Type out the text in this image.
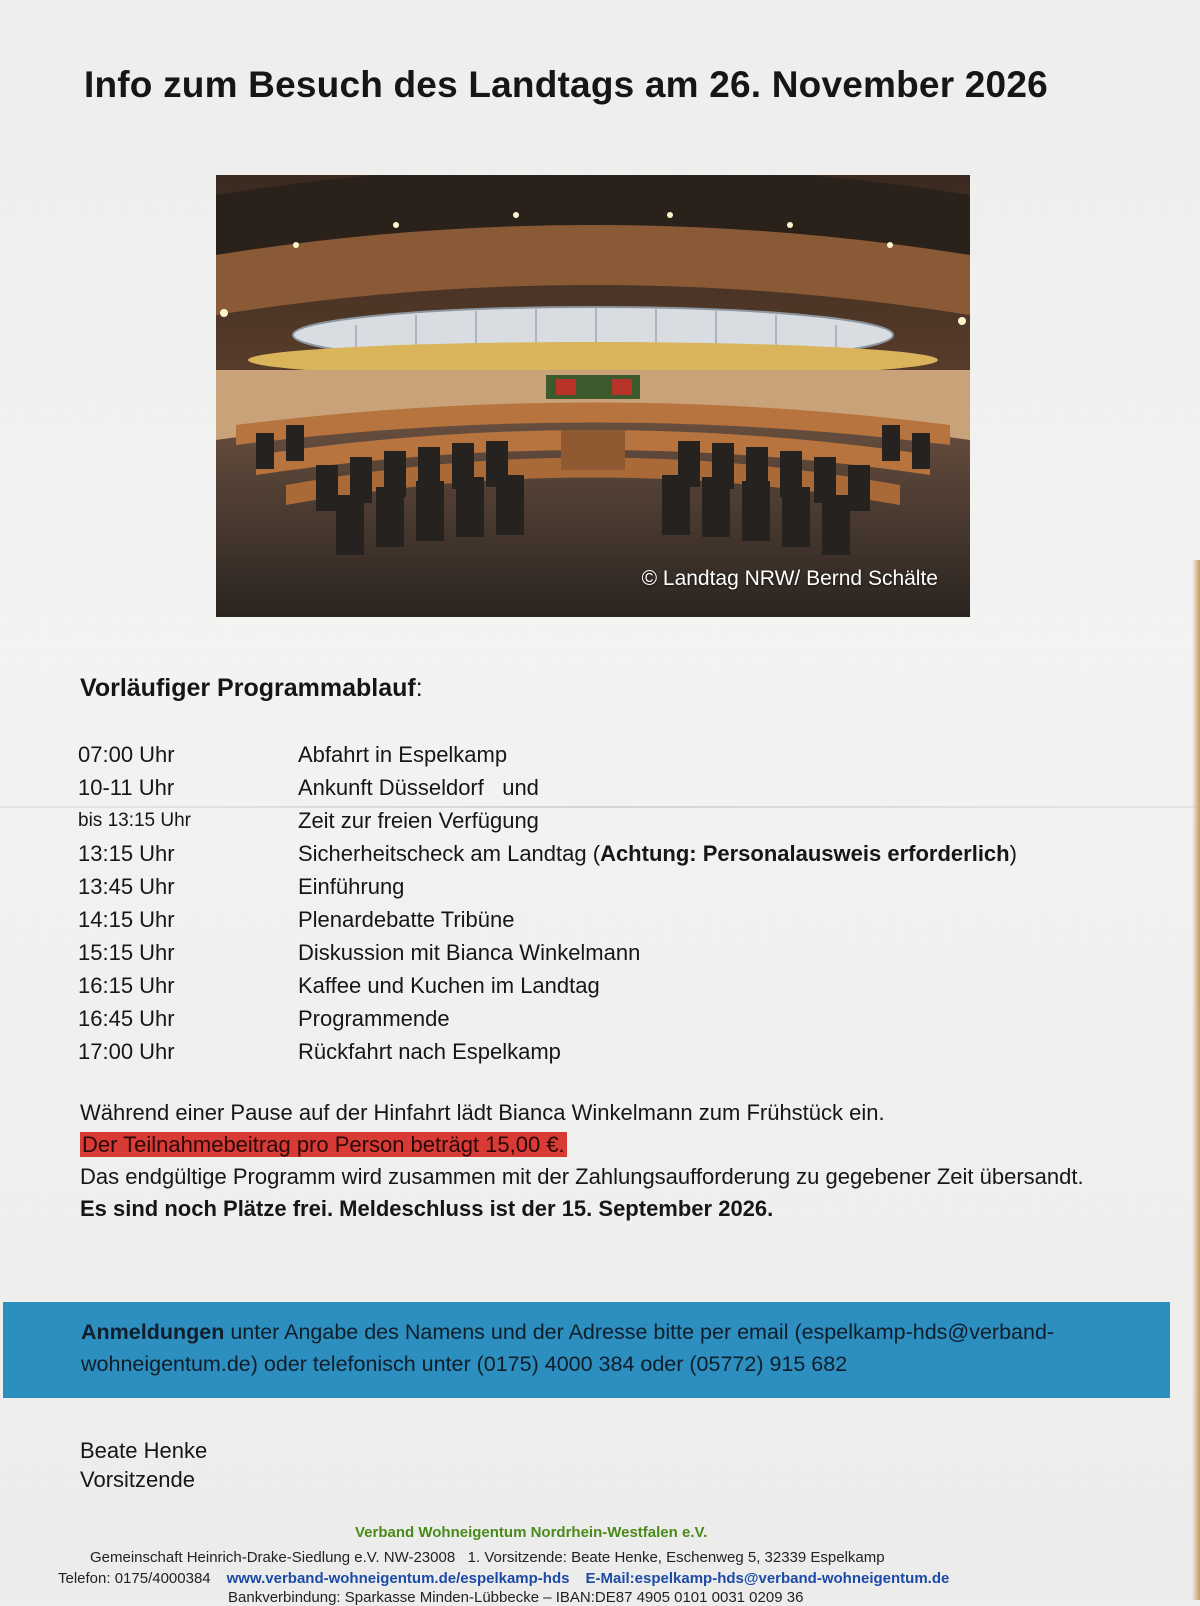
Info zum Besuch des Landtags am 26. November 2026
© Landtag NRW/ Bernd Schälte
Vorläufiger Programmablauf:
07:00 Uhr	Abfahrt in Espelkamp
10-11 Uhr	Ankunft Düsseldorf   und
bis 13:15 Uhr	Zeit zur freien Verfügung
13:15 Uhr	Sicherheitscheck am Landtag (Achtung: Personalausweis erforderlich)
13:45 Uhr	Einführung
14:15 Uhr	Plenardebatte Tribüne
15:15 Uhr	Diskussion mit Bianca Winkelmann
16:15 Uhr	Kaffee und Kuchen im Landtag
16:45 Uhr	Programmende
17:00 Uhr	Rückfahrt nach Espelkamp
Während einer Pause auf der Hinfahrt lädt Bianca Winkelmann zum Frühstück ein.
Der Teilnahmebeitrag pro Person beträgt 15,00 €.
Das endgültige Programm wird zusammen mit der Zahlungsaufforderung zu gegebener Zeit übersandt.
Es sind noch Plätze frei. Meldeschluss ist der 15. September 2026.
Anmeldungen unter Angabe des Namens und der Adresse bitte per email (espelkamp-hds@verband-wohneigentum.de) oder telefonisch unter (0175) 4000 384 oder (05772) 915 682
Beate Henke
Vorsitzende
Verband Wohneigentum Nordrhein-Westfalen e.V.
Gemeinschaft Heinrich-Drake-Siedlung e.V. NW-23008   1. Vorsitzende: Beate Henke, Eschenweg 5, 32339 Espelkamp
Telefon: 0175/4000384 www.verband-wohneigentum.de/espelkamp-hds E-Mail:espelkamp-hds@verband-wohneigentum.de
Bankverbindung: Sparkasse Minden-Lübbecke – IBAN:DE87 4905 0101 0031 0209 36
